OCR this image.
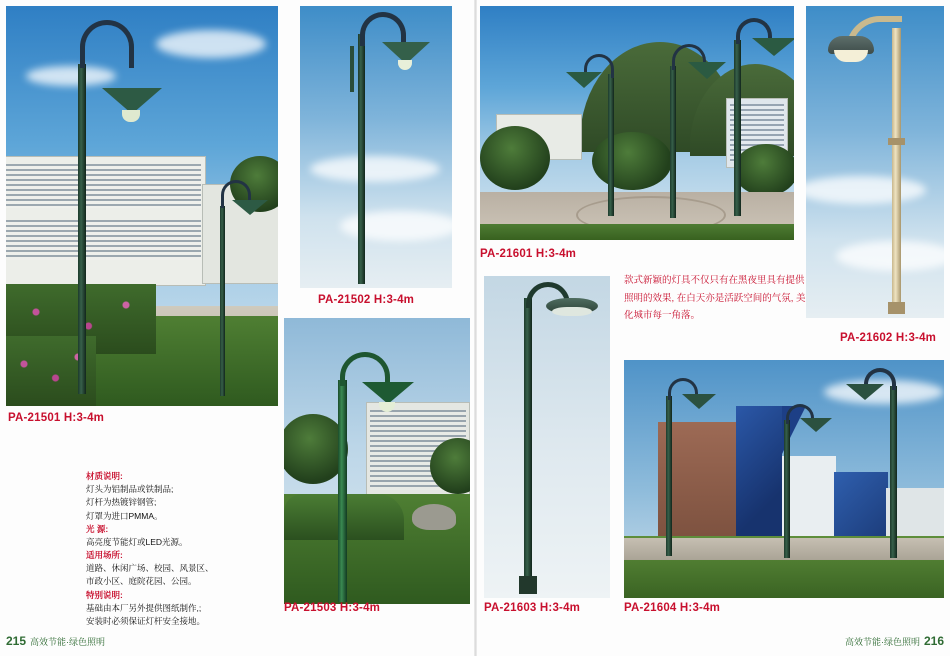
PA-21501 H:3-4m
PA-21502 H:3-4m
PA-21503 H:3-4m
PA-21601 H:3-4m
PA-21602 H:3-4m
PA-21603 H:3-4m	PA-21604 H:3-4m
材质说明:
灯头为铝制品或铁制品;
灯杆为热镀锌钢管;
灯罩为进口PMMA。
光 源:
高亮度节能灯或LED光源。
适用场所:
道路、休闲广场、校园、风景区、
市政小区、庭院花园、公园。
特别说明:
基础由本厂另外提供图纸制作,;
安装时必须保证灯杆安全接地。
款式新颖的灯具不仅只有在黑夜里具有提供照明的效果, 在白天亦是活跃空间的气氛, 美化城市每一角落。
215 高效节能·绿色照明	高效节能·绿色照明 216
